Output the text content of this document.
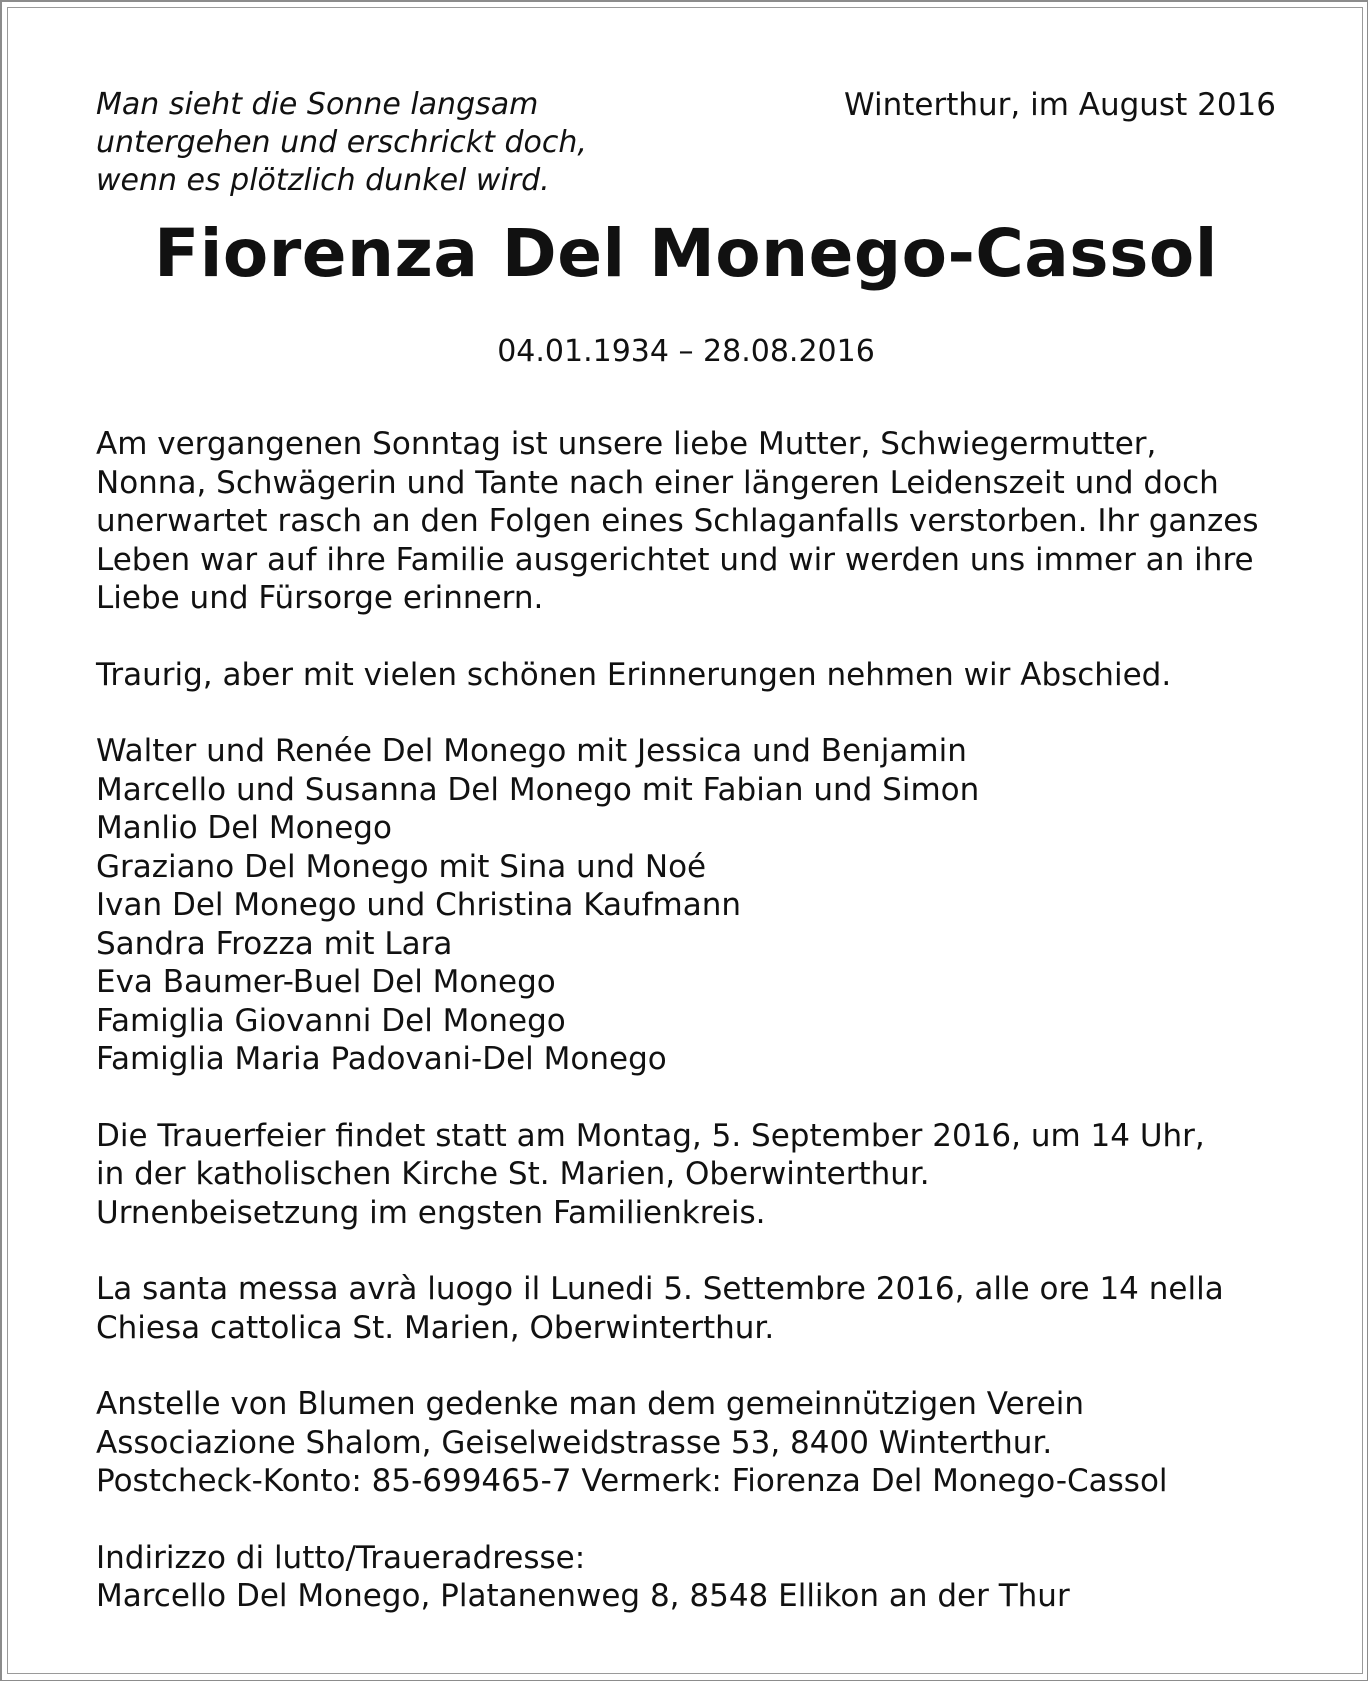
Man sieht die Sonne langsam
untergehen und erschrickt doch,
wenn es plötzlich dunkel wird.
Winterthur, im August 2016
Fiorenza Del Monego-Cassol
04.01.1934 – 28.08.2016
Am vergangenen Sonntag ist unsere liebe Mutter, Schwiegermutter,
Nonna, Schwägerin und Tante nach einer längeren Leidenszeit und doch
unerwartet rasch an den Folgen eines Schlaganfalls verstorben. Ihr ganzes
Leben war auf ihre Familie ausgerichtet und wir werden uns immer an ihre
Liebe und Fürsorge erinnern.
Traurig, aber mit vielen schönen Erinnerungen nehmen wir Abschied.
Walter und Renée Del Monego mit Jessica und Benjamin
Marcello und Susanna Del Monego mit Fabian und Simon
Manlio Del Monego
Graziano Del Monego mit Sina und Noé
Ivan Del Monego und Christina Kaufmann
Sandra Frozza mit Lara
Eva Baumer-Buel Del Monego
Famiglia Giovanni Del Monego
Famiglia Maria Padovani-Del Monego
Die Trauerfeier findet statt am Montag, 5. September 2016, um 14 Uhr,
in der katholischen Kirche St. Marien, Oberwinterthur.
Urnenbeisetzung im engsten Familienkreis.
La santa messa avrà luogo il Lunedi 5. Settembre 2016, alle ore 14 nella
Chiesa cattolica St. Marien, Oberwinterthur.
Anstelle von Blumen gedenke man dem gemeinnützigen Verein
Associazione Shalom, Geiselweidstrasse 53, 8400 Winterthur.
Postcheck-Konto: 85-699465-7 Vermerk: Fiorenza Del Monego-Cassol
Indirizzo di lutto/Traueradresse:
Marcello Del Monego, Platanenweg 8, 8548 Ellikon an der Thur
